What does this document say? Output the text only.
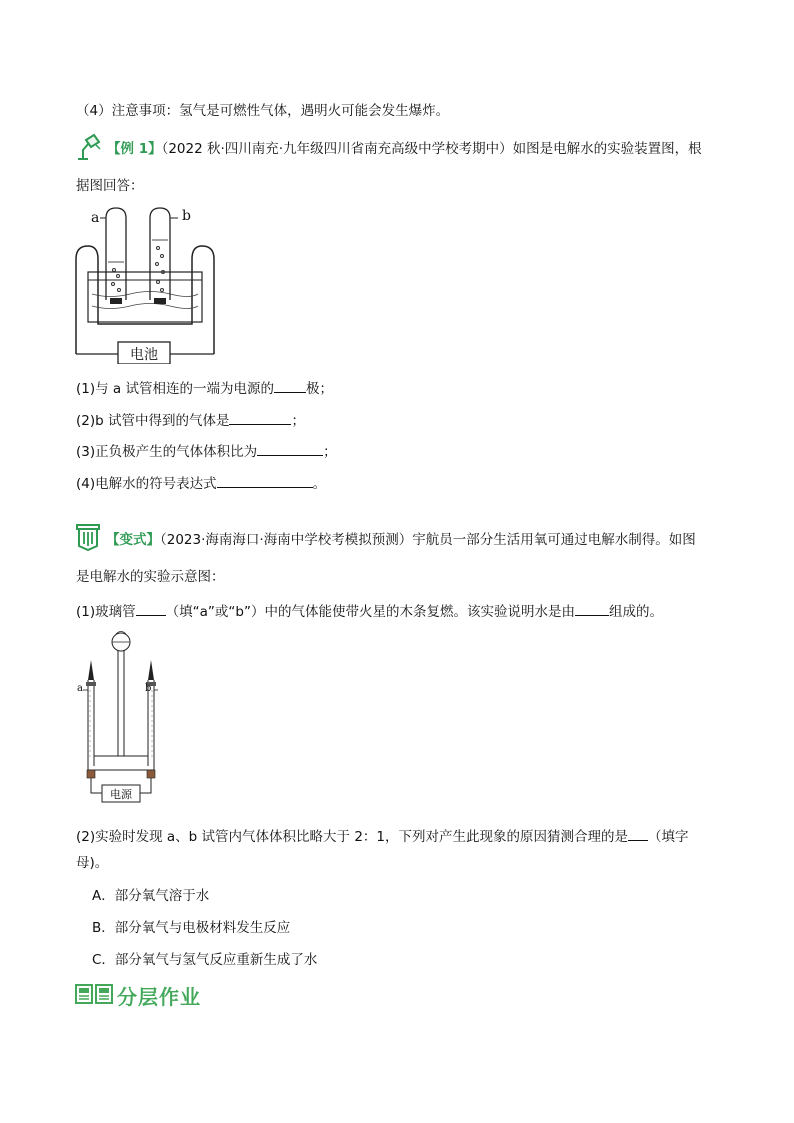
（4）注意事项：氢气是可燃性气体，遇明火可能会发生爆炸。
【例 1】（2022 秋·四川南充·九年级四川省南充高级中学校考期中）如图是电解水的实验装置图，根
据图回答：
a	b
电池
(1)与 a 试管相连的一端为电源的 极；
(2)b 试管中得到的气体是	；
(3)正负极产生的气体体积比为	；
(4)电解水的符号表达式	。
【变式】（2023·海南海口·海南中学校考模拟预测）宇航员一部分生活用氧可通过电解水制得。如图
是电解水的实验示意图：
(1)玻璃管 （填“a”或“b”）中的气体能使带火星的木条复燃。该实验说明水是由	组成的。
a	b
电源
(2)实验时发现 a、b 试管内气体体积比略大于 2：1，下列对产生此现象的原因猜测合理的是 （填字
母)。
A．部分氧气溶于水
B．部分氧气与电极材料发生反应
C．部分氧气与氢气反应重新生成了水
分层作业
